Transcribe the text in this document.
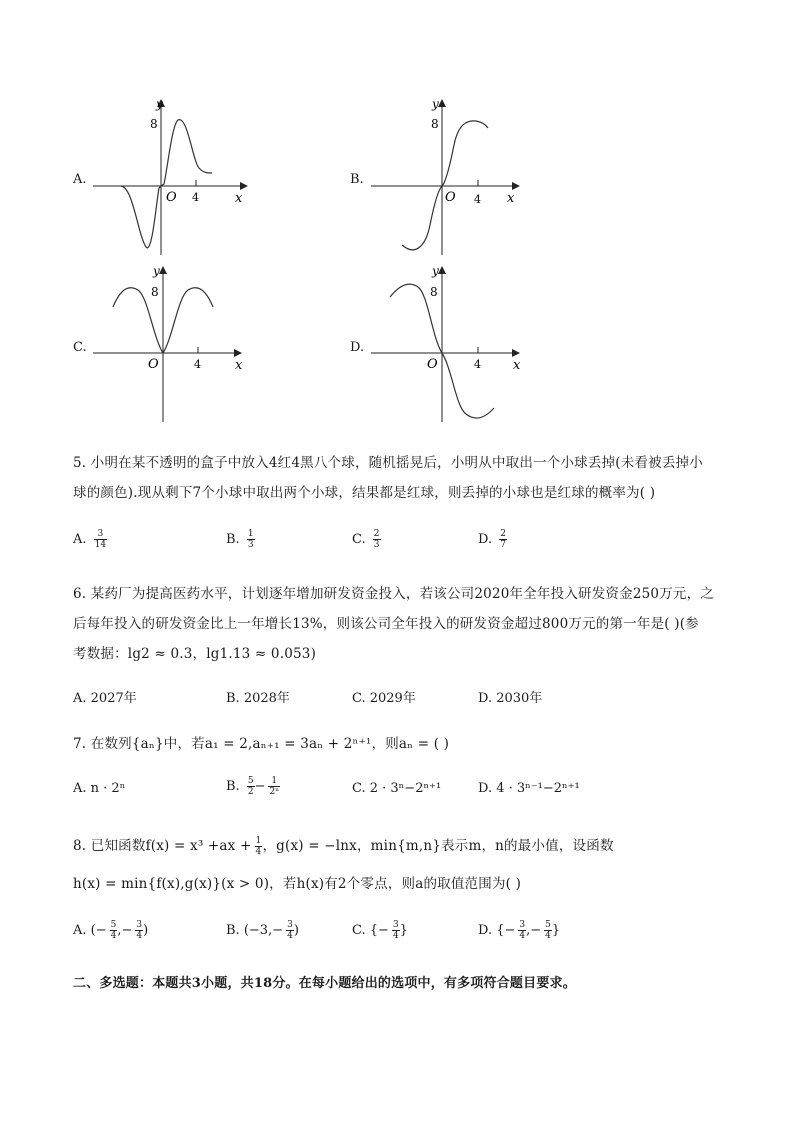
A.
y
8
O 4	x
B.
y
8
O 4 x
C.
y
8
O	4	x
D.
y
8
O	4 x
5. 小明在某不透明的盒子中放入4红4黑八个球，随机摇晃后，小明从中取出一个小球丢掉(未看被丢掉小
球的颜色).现从剩下7个小球中取出两个小球，结果都是红球，则丢掉的小球也是红球的概率为( )
A. $\frac{3}{14}$	B. $\frac{1}{3}$	C. $\frac{2}{3}$	D. $\frac{2}{7}$
6. 某药厂为提高医药水平，计划逐年增加研发资金投入，若该公司2020年全年投入研发资金250万元，之
后每年投入的研发资金比上一年增长13%，则该公司全年投入的研发资金超过800万元的第一年是( )(参
考数据：lg2 ≈ 0.3，lg1.13 ≈ 0.053)
A. 2027年	B. 2028年	C. 2029年	D. 2030年
7. 在数列{aₙ}中，若a₁ = 2,aₙ₊₁ = 3aₙ + 2ⁿ⁺¹，则aₙ = ( )
A. n · 2ⁿ	B. $\frac{5}{2} - \frac{1}{\text{2ⁿ}}$	C. 2 · 3ⁿ−2ⁿ⁺¹	D. 4 · 3ⁿ⁻¹−2ⁿ⁺¹
8. 已知函数$f(x) = x^3 +ax + \frac{1}{4}$ ，g(x) = −lnx，min{m,n}表示m，n的最小值，设函数
h(x) = min{f(x),g(x)}(x > 0)，若h(x)有2个零点，则a的取值范围为( )
A. (− $\frac{5}{4}$ ,− $\frac{3}{4}$ )	B. ($-3,- \frac{3}{4}$ )	C. {− $\frac{3}{4}$ }	D. {− $\frac{3}{4}$ ,− $\frac{5}{4}$ }
二、多选题：本题共3小题，共18分。在每小题给出的选项中，有多项符合题目要求。
